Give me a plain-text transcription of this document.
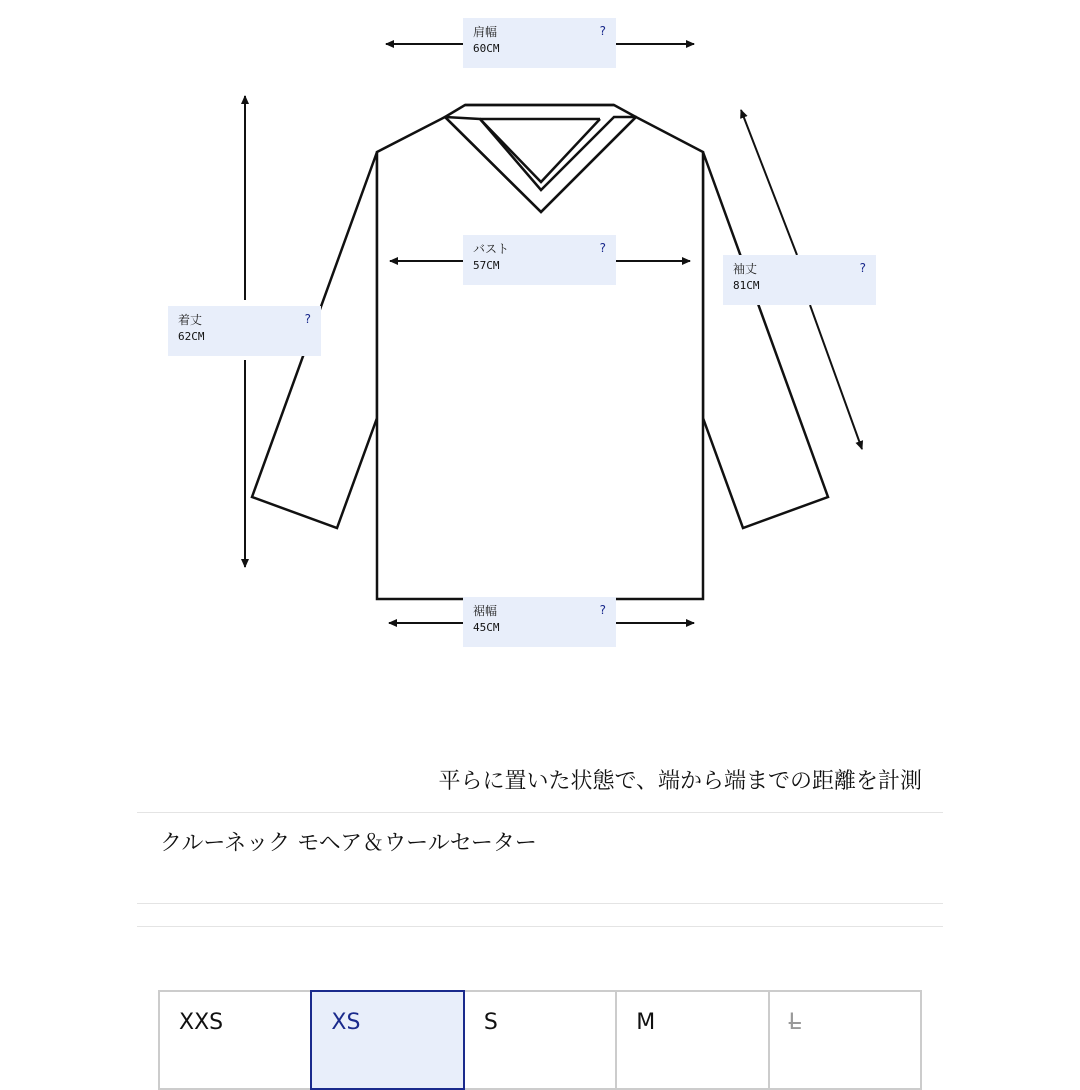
肩幅
60CM
?
バスト
57CM
?
袖丈
81CM
?
着丈
62CM
?
裾幅
45CM
?
平らに置いた状態で、端から端までの距離を計測
クルーネック モヘア＆ウールセーター
XXS	XS	S	M	L
